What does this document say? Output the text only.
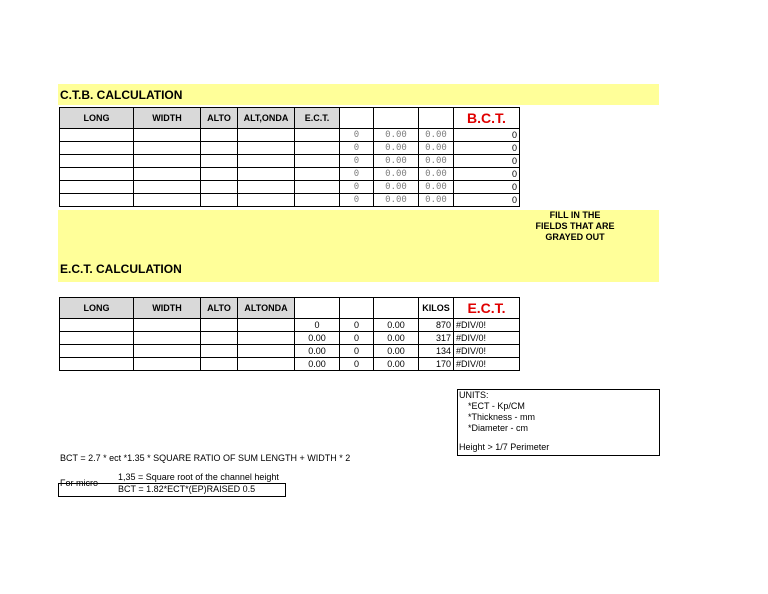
C.T.B. CALCULATION
LONG	WIDTH	ALTO	ALT,ONDA	E.C.T.				B.C.T.
					0	0.00	0.00	0
					0	0.00	0.00	0
					0	0.00	0.00	0
					0	0.00	0.00	0
					0	0.00	0.00	0
					0	0.00	0.00	0
FILL IN THE FIELDS THAT ARE GRAYED OUT
E.C.T. CALCULATION
LONG	WIDTH	ALTO	ALTONDA				KILOS	E.C.T.
				0	0	0.00	870	#DIV/0!
				0.00	0	0.00	317	#DIV/0!
				0.00	0	0.00	134	#DIV/0!
				0.00	0	0.00	170	#DIV/0!
UNITS:
*ECT - Kp/CM
*Thickness - mm
*Diameter - cm
Height > 1/7 Perimeter
BCT = 2.7 * ect *1.35 * SQUARE RATIO OF SUM LENGTH + WIDTH * 2
1,35 = Square root of the channel height
For micro
BCT = 1.82*ECT*(EP)RAISED 0.5
